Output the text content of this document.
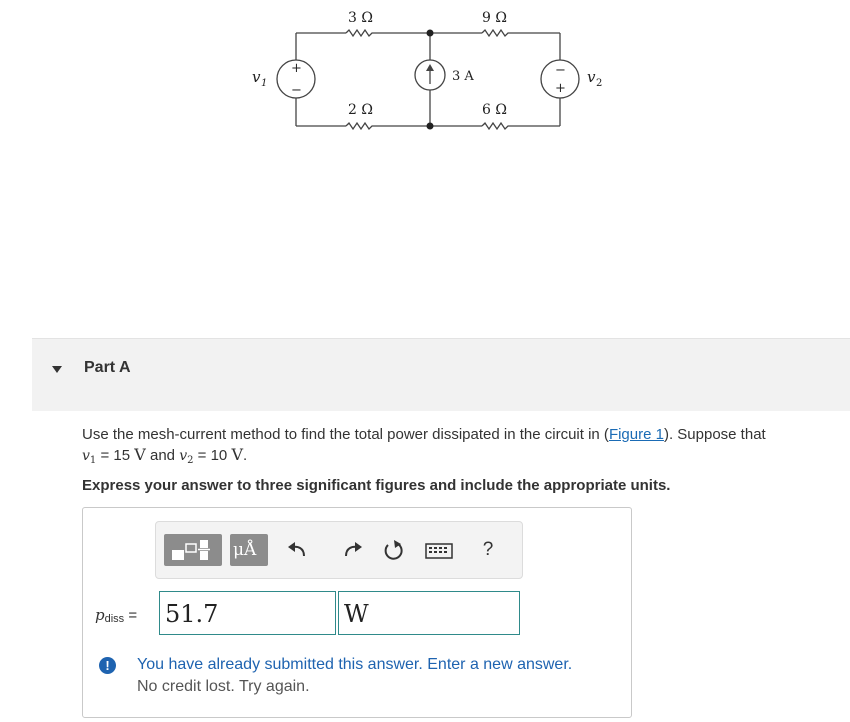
3 Ω	9 Ω
2 Ω	6 Ω
3 A
+
−
−
+
v 1	v 2
Part A
Use the mesh-current method to find the total power dissipated in the circuit in (Figure 1). Suppose that
$v_1 = 15$ V and $v_2 = 10$ V.
Express your answer to three significant figures and include the appropriate units.
μÅ	?
pdiss = 51.7	W
!	You have already submitted this answer. Enter a new answer.
No credit lost. Try again.
